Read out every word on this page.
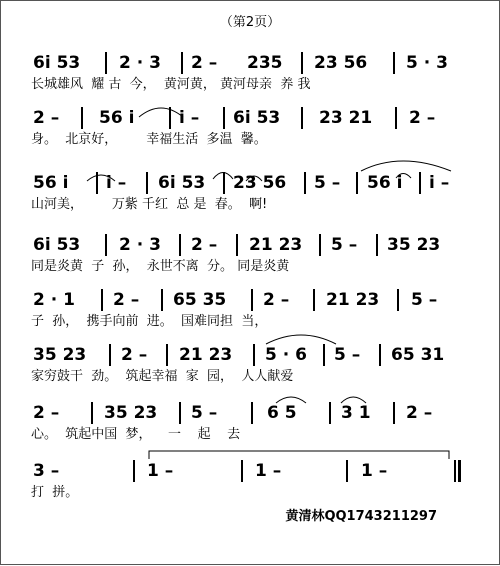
（第2页）
6i 53 2 · 3 2 – 235 23 56 5 · 3
长城雄风  耀 古  今，  黄河黄， 黄河母亲  养 我
2 – 56 i	i – 6i 53 23 21 2 –
身。  北京好，       幸福生活  多温  馨。
56 i i – 6i 53 23 56 5 – 56 i i –
山河美，       万紫 千红  总 是  春。  啊!
6i 53 2 · 3 2 – 21 23 5 – 35 23
同是炎黄  子  孙，  永世不离  分。 同是炎黄
2 · 1 2 – 65 35 2 – 21 23 5 –
子  孙，  携手向前  进。  国难同担  当，
35 23 2 – 21 23 5 · 6 5 – 65 31
家穷鼓干  劲。  筑起幸福  家  园，  人人献爱
2 –	35 23 5 –	6 5	3 1 2 –
心。  筑起中国  梦，    一    起    去
3 –	1 –	1 –	1 –
打  拼。
黄清林QQ1743211297
